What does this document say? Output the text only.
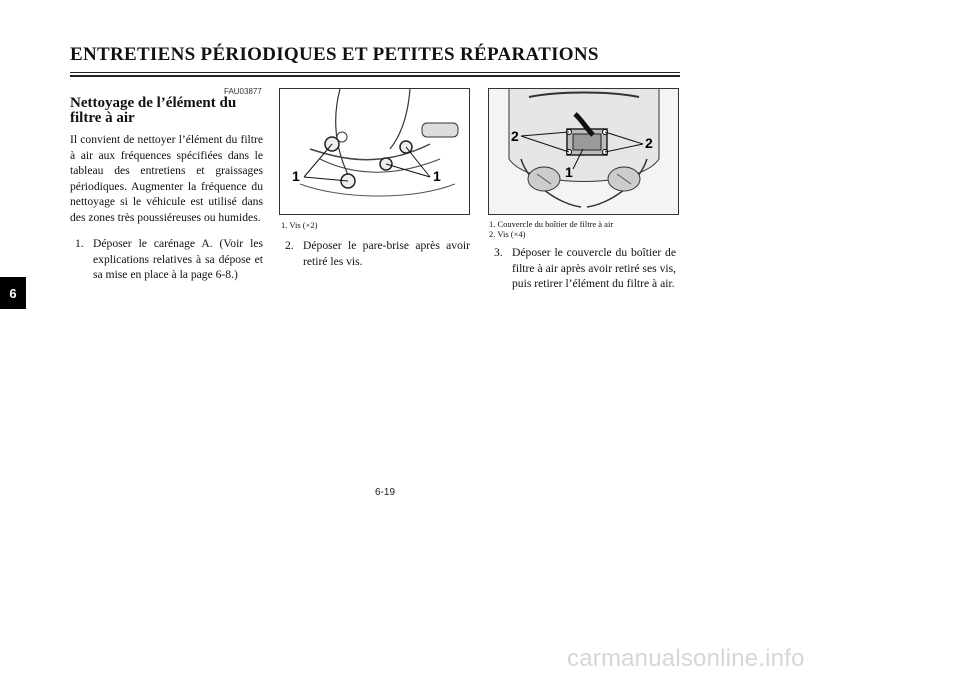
ENTRETIENS PÉRIODIQUES ET PETITES RÉPARATIONS
6
FAU03877
Nettoyage de l’élément du
filtre à air

Il convient de nettoyer l’élément du filtre à air aux fréquences spécifiées dans le tableau des entretiens et graissages périodiques. Augmenter la fréquence du nettoyage si le véhicule est utilisé dans des zones très poussiéreuses ou humides.

1. Déposer le carénage A. (Voir les explications relatives à sa dépose et sa mise en place à la page 6-8.)
1	1
1. Vis (×2)
2. Déposer le pare-brise après avoir retiré les vis.
2	2
1
1. Couvercle du boîtier de filtre à air
2. Vis (×4)
3. Déposer le couvercle du boîtier de filtre à air après avoir retiré ses vis, puis retirer l’élément du filtre à air.
6-19
carmanualsonline.info
